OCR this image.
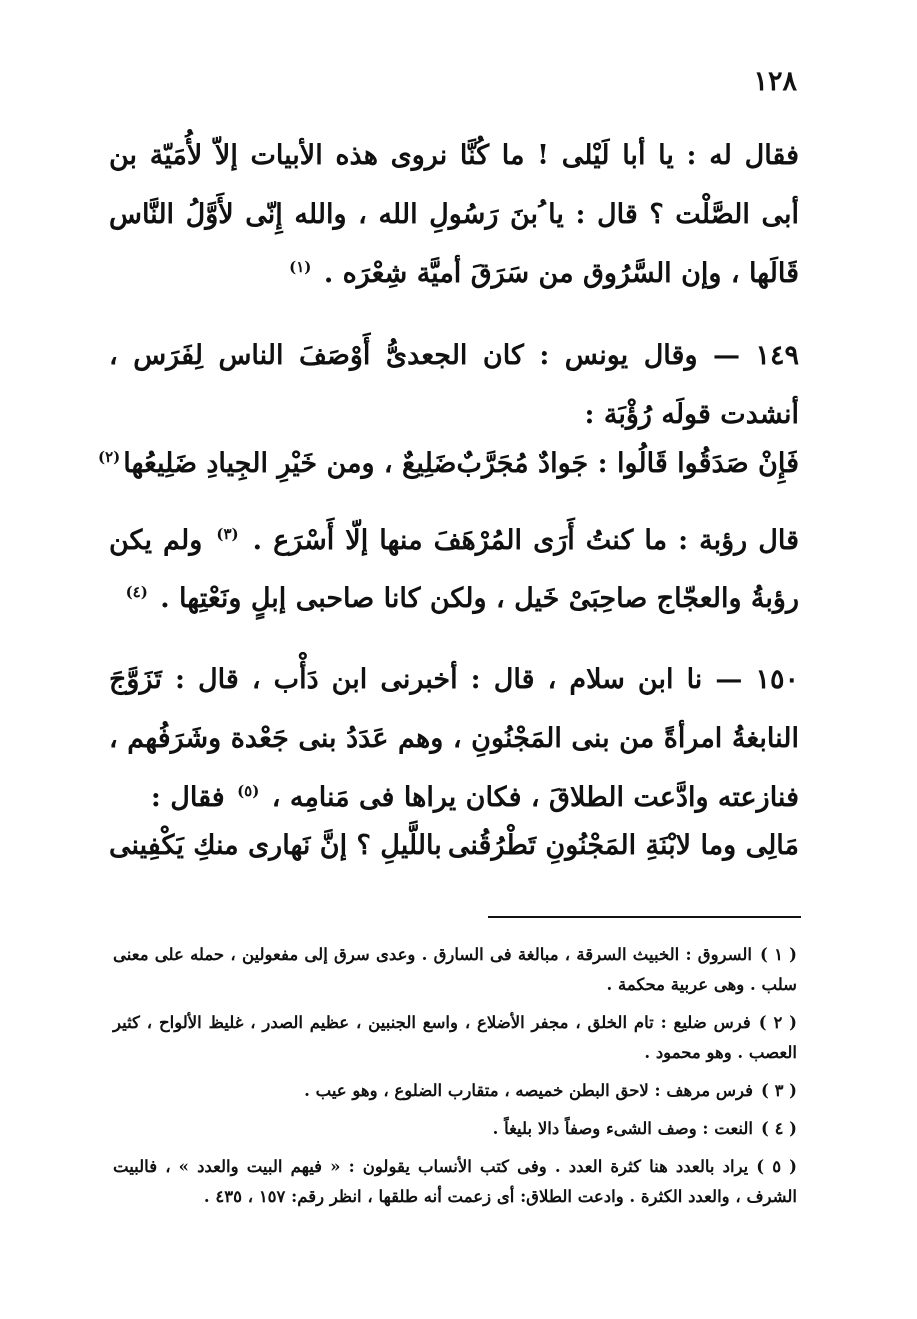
١٢٨
فقال له : يا أبا لَيْلى ! ما كُنَّا نروى هذه الأبيات إلاّ لأُمَيّة بن أبى الصَّلْت ؟ قال : يا ُبنَ رَسُولِ الله ، والله إِنّى لأَوَّلُ النَّاس قَالَها ، وإن السَّرُوق من سَرَقَ أميَّة شِعْرَه . $^{(١)}$
١٤٩ — وقال يونس : كان الجعدىُّ أَوْصَفَ الناس لِفَرَس ، أنشدت قولَه رُؤْبَة :
فَإِنْ صَدَقُوا قَالُوا : جَوادٌ مُجَرَّبٌ
ضَلِيعٌ ، ومن خَيْرِ الجِيادِ ضَلِيعُها$^{(٢)}$
قال رؤبة : ما كنتُ أَرَى المُرْهَفَ منها إلّا أَسْرَع . $^{(٣)}$ ولم يكن رؤبةُ والعجّاج صاحِبَىْ خَيل ، ولكن كانا صاحبى إبلٍ ونَعْتِها . $^{(٤)}$
١٥٠ — نا ابن سلام ، قال : أخبرنى ابن دَأْب ، قال : تَزَوَّجَ النابغةُ امرأةً من بنى المَجْنُونِ ، وهم عَدَدُ بنى جَعْدة وشَرَفُهم ، فنازعته وادَّعت الطلاقَ ، فكان يراها فى مَنامِه ، $^{(٥)}$ فقال :
مَالِى وما لابْنَةِ المَجْنُونِ تَطْرُقُنى
باللَّيلِ ؟ إنَّ نَهارى منكِ يَكْفِينى
( ١ )السروق : الخبيث السرقة ، مبالغة فى السارق . وعدى سرق إلى مفعولين ، حمله على معنى سلب . وهى عربية محكمة .
( ٢ )فرس ضليع : تام الخلق ، مجفر الأضلاع ، واسع الجنبين ، عظيم الصدر ، غليظ الألواح ، كثير العصب . وهو محمود .
( ٣ )فرس مرهف : لاحق البطن خميصه ، متقارب الضلوع ، وهو عيب .
( ٤ )النعت : وصف الشىء وصفاً دالا بليغاً .
( ٥ )يراد بالعدد هنا كثرة العدد . وفى كتب الأنساب يقولون : « فيهم البيت والعدد » ، فالبيت الشرف ، والعدد الكثرة . وادعت الطلاق: أى زعمت أنه طلقها ، انظر رقم: ١٥٧ ، ٤٣٥ .
